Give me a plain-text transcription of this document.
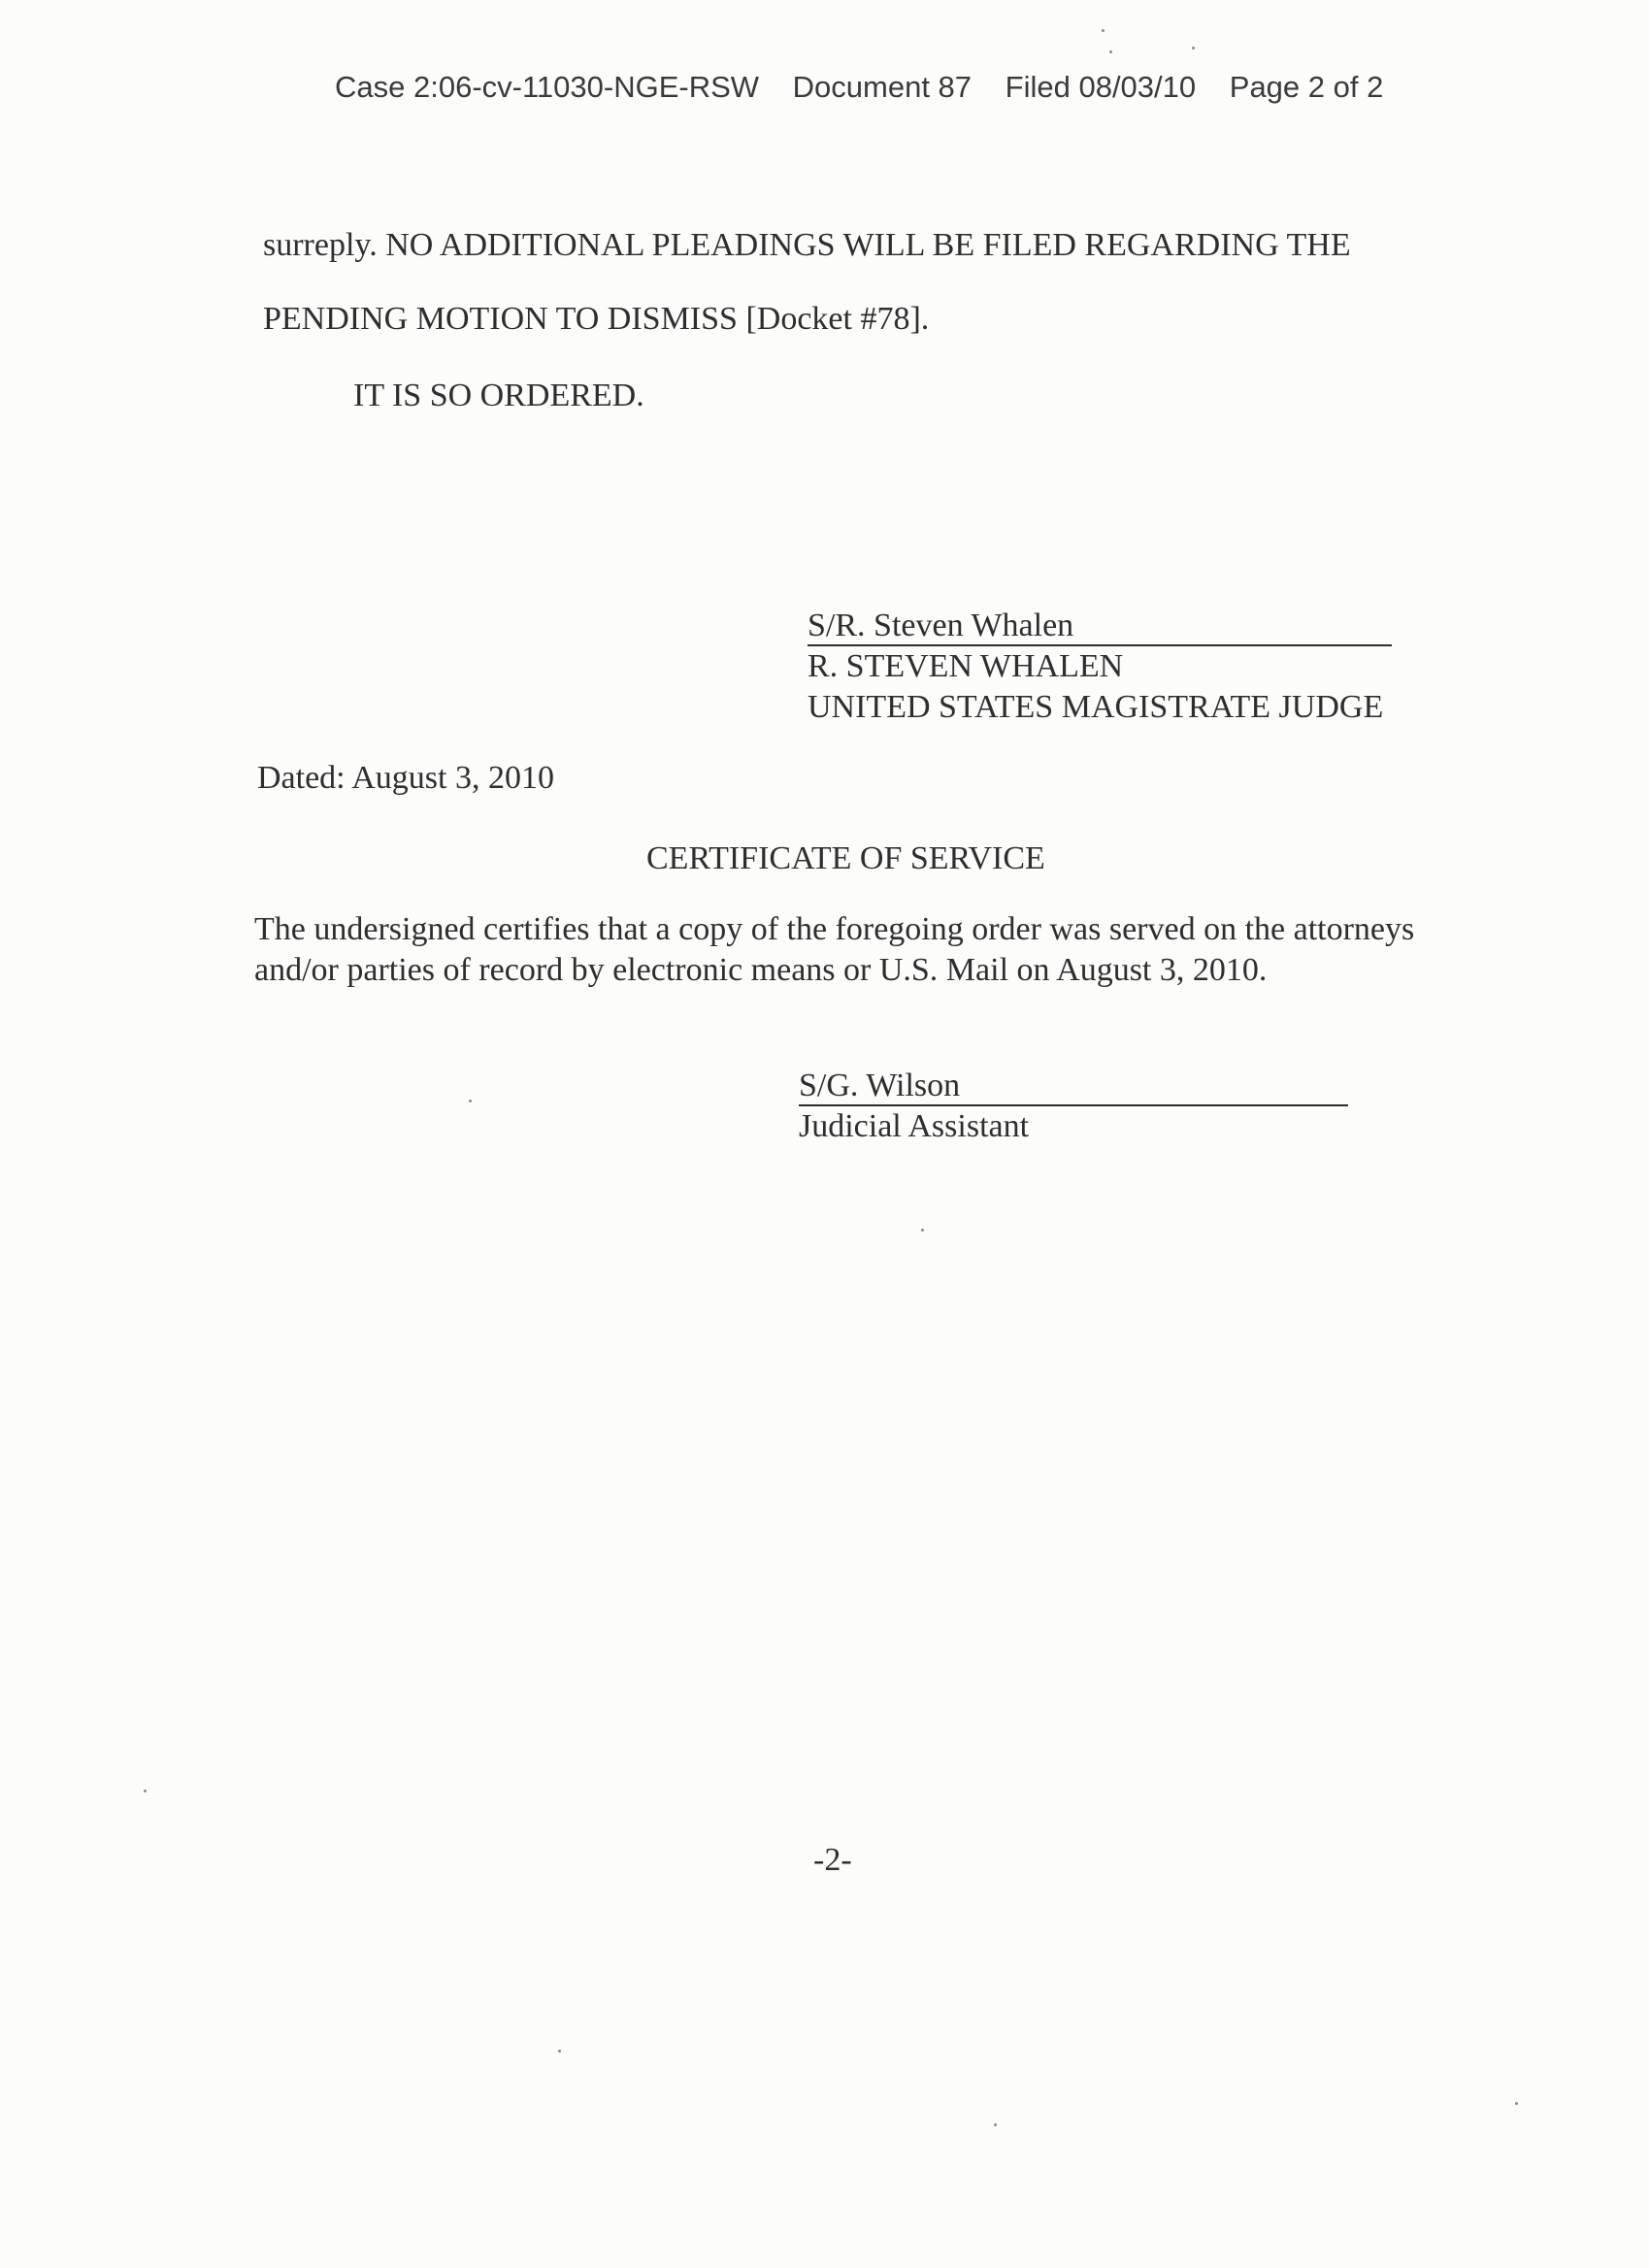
Case 2:06-cv-11030-NGE-RSW Document 87 Filed 08/03/10 Page 2 of 2
surreply. NO ADDITIONAL PLEADINGS WILL BE FILED REGARDING THE
PENDING MOTION TO DISMISS [Docket #78].
IT IS SO ORDERED.
S/R. Steven Whalen
R. STEVEN WHALEN
UNITED STATES MAGISTRATE JUDGE
Dated: August 3, 2010
CERTIFICATE OF SERVICE
The undersigned certifies that a copy of the foregoing order was served on the attorneys
and/or parties of record by electronic means or U.S. Mail on August 3, 2010.
S/G. Wilson
Judicial Assistant
-2-
